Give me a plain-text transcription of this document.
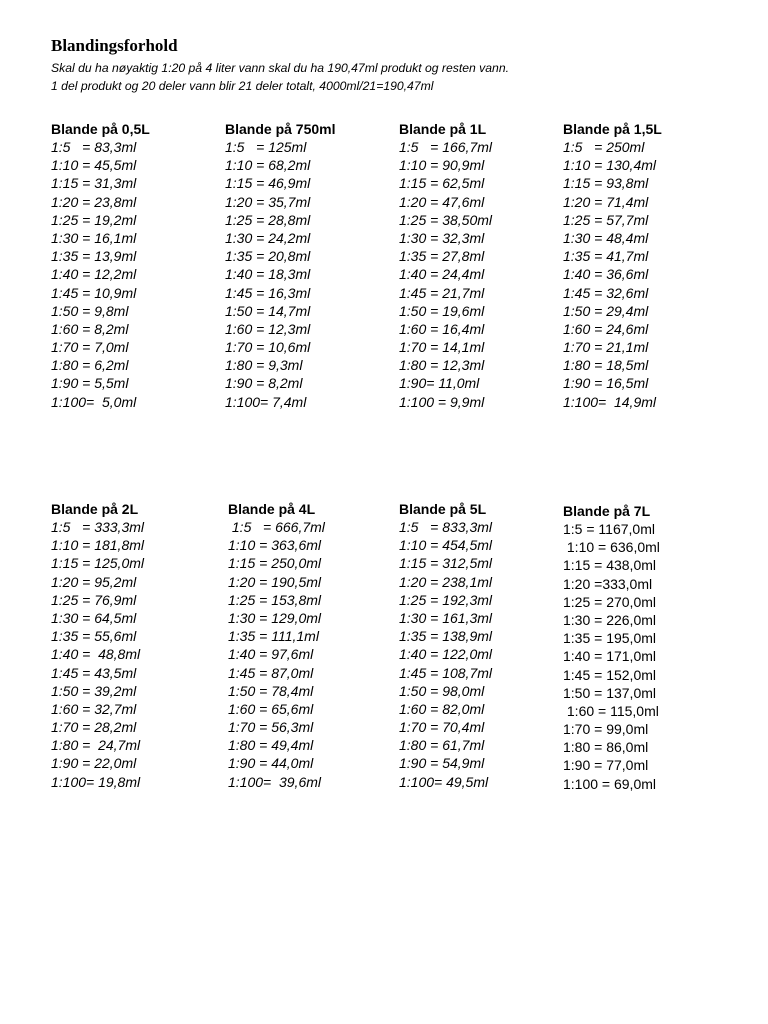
Blandingsforhold
Skal du ha nøyaktig 1:20 på 4 liter vann skal du ha 190,47ml produkt og resten vann.
1 del produkt og 20 deler vann blir 21 deler totalt, 4000ml/21=190,47ml
Blande på 0,5L
1:5   = 83,3ml
1:10 = 45,5ml
1:15 = 31,3ml
1:20 = 23,8ml
1:25 = 19,2ml
1:30 = 16,1ml
1:35 = 13,9ml
1:40 = 12,2ml
1:45 = 10,9ml
1:50 = 9,8ml
1:60 = 8,2ml
1:70 = 7,0ml
1:80 = 6,2ml
1:90 = 5,5ml
1:100=  5,0ml
Blande på 750ml
1:5   = 125ml
1:10 = 68,2ml
1:15 = 46,9ml
1:20 = 35,7ml
1:25 = 28,8ml
1:30 = 24,2ml
1:35 = 20,8ml
1:40 = 18,3ml
1:45 = 16,3ml
1:50 = 14,7ml
1:60 = 12,3ml
1:70 = 10,6ml
1:80 = 9,3ml
1:90 = 8,2ml
1:100= 7,4ml
Blande på 1L
1:5   = 166,7ml
1:10 = 90,9ml
1:15 = 62,5ml
1:20 = 47,6ml
1:25 = 38,50ml
1:30 = 32,3ml
1:35 = 27,8ml
1:40 = 24,4ml
1:45 = 21,7ml
1:50 = 19,6ml
1:60 = 16,4ml
1:70 = 14,1ml
1:80 = 12,3ml
1:90= 11,0ml
1:100 = 9,9ml
Blande på 1,5L
1:5   = 250ml
1:10 = 130,4ml
1:15 = 93,8ml
1:20 = 71,4ml
1:25 = 57,7ml
1:30 = 48,4ml
1:35 = 41,7ml
1:40 = 36,6ml
1:45 = 32,6ml
1:50 = 29,4ml
1:60 = 24,6ml
1:70 = 21,1ml
1:80 = 18,5ml
1:90 = 16,5ml
1:100=  14,9ml
Blande på 2L
1:5   = 333,3ml
1:10 = 181,8ml
1:15 = 125,0ml
1:20 = 95,2ml
1:25 = 76,9ml
1:30 = 64,5ml
1:35 = 55,6ml
1:40 =  48,8ml
1:45 = 43,5ml
1:50 = 39,2ml
1:60 = 32,7ml
1:70 = 28,2ml
1:80 =  24,7ml
1:90 = 22,0ml
1:100= 19,8ml
Blande på 4L
1:5   = 666,7ml
1:10 = 363,6ml
1:15 = 250,0ml
1:20 = 190,5ml
1:25 = 153,8ml
1:30 = 129,0ml
1:35 = 111,1ml
1:40 = 97,6ml
1:45 = 87,0ml
1:50 = 78,4ml
1:60 = 65,6ml
1:70 = 56,3ml
1:80 = 49,4ml
1:90 = 44,0ml
1:100=  39,6ml
Blande på 5L
1:5   = 833,3ml
1:10 = 454,5ml
1:15 = 312,5ml
1:20 = 238,1ml
1:25 = 192,3ml
1:30 = 161,3ml
1:35 = 138,9ml
1:40 = 122,0ml
1:45 = 108,7ml
1:50 = 98,0ml
1:60 = 82,0ml
1:70 = 70,4ml
1:80 = 61,7ml
1:90 = 54,9ml
1:100= 49,5ml
Blande på 7L
1:5 = 1167,0ml
1:10 = 636,0ml
1:15 = 438,0ml
1:20 =333,0ml
1:25 = 270,0ml
1:30 = 226,0ml
1:35 = 195,0ml
1:40 = 171,0ml
1:45 = 152,0ml
1:50 = 137,0ml
1:60 = 115,0ml
1:70 = 99,0ml
1:80 = 86,0ml
1:90 = 77,0ml
1:100 = 69,0ml
